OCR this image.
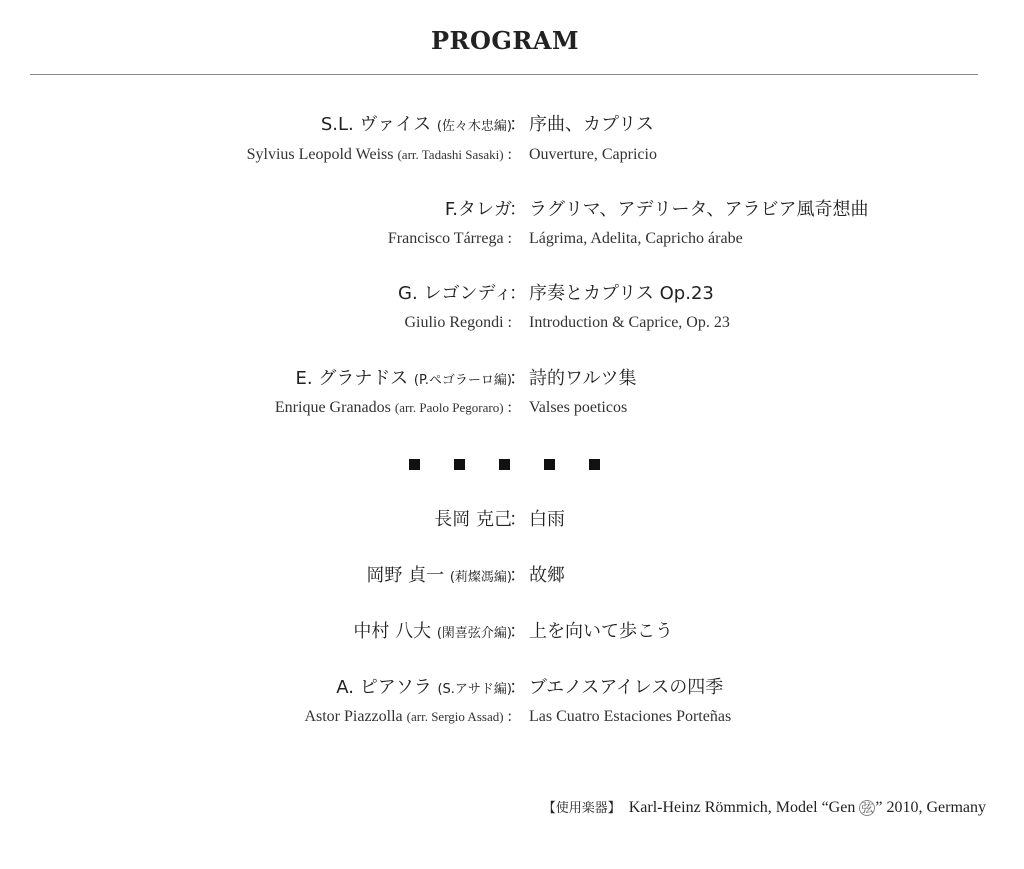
PROGRAM
S.L. ヴァイス (佐々木忠編)
： 序曲、カプリス
Sylvius Leopold Weiss (arr. Tadashi Sasaki) : Ouverture, Capricio
F.タレガ
： ラグリマ、アデリータ、アラビア風奇想曲
Francisco Tárrega : Lágrima, Adelita, Capricho árabe
G. レゴンディ
： 序奏とカプリス Op.23
Giulio Regondi : Introduction & Caprice, Op. 23
E. グラナドス (P.ペゴラーロ編)
： 詩的ワルツ集
Enrique Granados (arr. Paolo Pegoraro) : Valses poeticos
長岡 克己
： 白雨
岡野 貞一 (莉燦馮編)
： 故郷
中村 八大 (閑喜弦介編)
： 上を向いて歩こう
A. ピアソラ (S.アサド編)
： ブエノスアイレスの四季
Astor Piazzolla (arr. Sergio Assad) : Las Cuatro Estaciones Porteñas
【使用楽器】 Karl-Heinz Römmich, Model “Gen 弦 ” 2010, Germany
